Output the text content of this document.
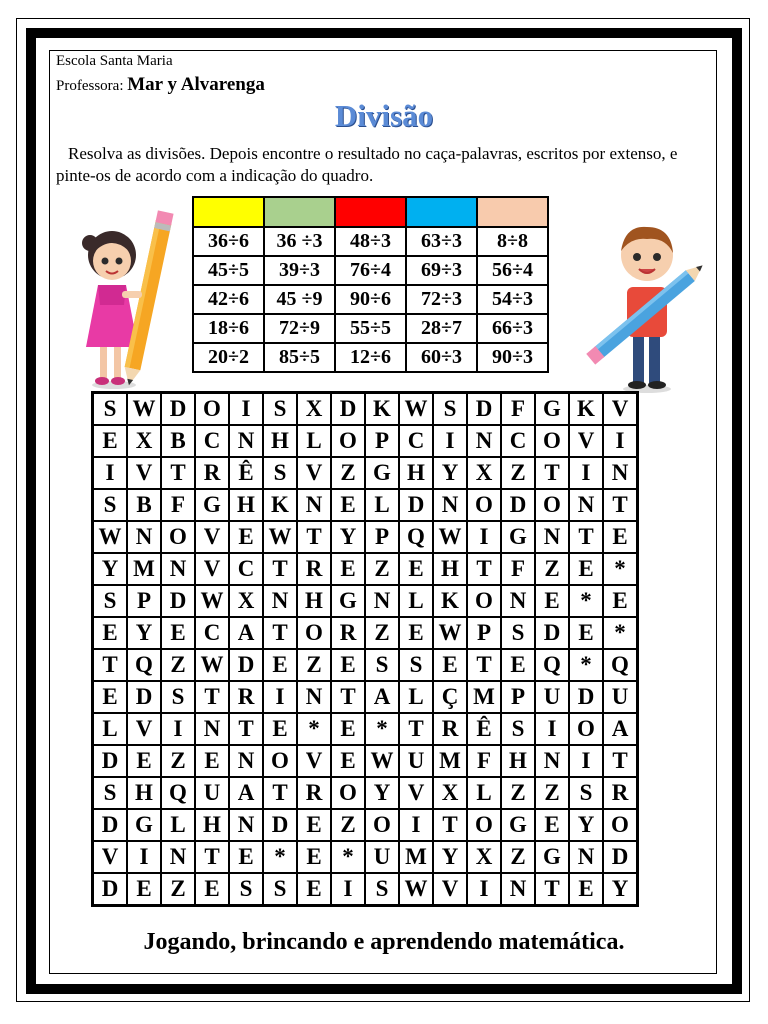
Escola Santa Maria
Professora: Mar y Alvarenga
Divisão
Resolva as divisões. Depois encontre o resultado no caça-palavras, escritos por extenso, e pinte-os de acordo com a indicação do quadro.

36÷6	36 ÷3	48÷3	63÷3	8÷8
45÷5	39÷3	76÷4	69÷3	56÷4
42÷6	45 ÷9	90÷6	72÷3	54÷3
18÷6	72÷9	55÷5	28÷7	66÷3
20÷2	85÷5	12÷6	60÷3	90÷3
S	W	D	O	I	S	X	D	K	W	S	D	F	G	K	V
E	X	B	C	N	H	L	O	P	C	I	N	C	O	V	I
I	V	T	R	Ê	S	V	Z	G	H	Y	X	Z	T	I	N
S	B	F	G	H	K	N	E	L	D	N	O	D	O	N	T
W	N	O	V	E	W	T	Y	P	Q	W	I	G	N	T	E
Y	M	N	V	C	T	R	E	Z	E	H	T	F	Z	E	*
S	P	D	W	X	N	H	G	N	L	K	O	N	E	*	E
E	Y	E	C	A	T	O	R	Z	E	W	P	S	D	E	*
T	Q	Z	W	D	E	Z	E	S	S	E	T	E	Q	*	Q
E	D	S	T	R	I	N	T	A	L	Ç	M	P	U	D	U
L	V	I	N	T	E	*	E	*	T	R	Ê	S	I	O	A
D	E	Z	E	N	O	V	E	W	U	M	F	H	N	I	T
S	H	Q	U	A	T	R	O	Y	V	X	L	Z	Z	S	R
D	G	L	H	N	D	E	Z	O	I	T	O	G	E	Y	O
V	I	N	T	E	*	E	*	U	M	Y	X	Z	G	N	D
D	E	Z	E	S	S	E	I	S	W	V	I	N	T	E	Y
Jogando, brincando e aprendendo matemática.
